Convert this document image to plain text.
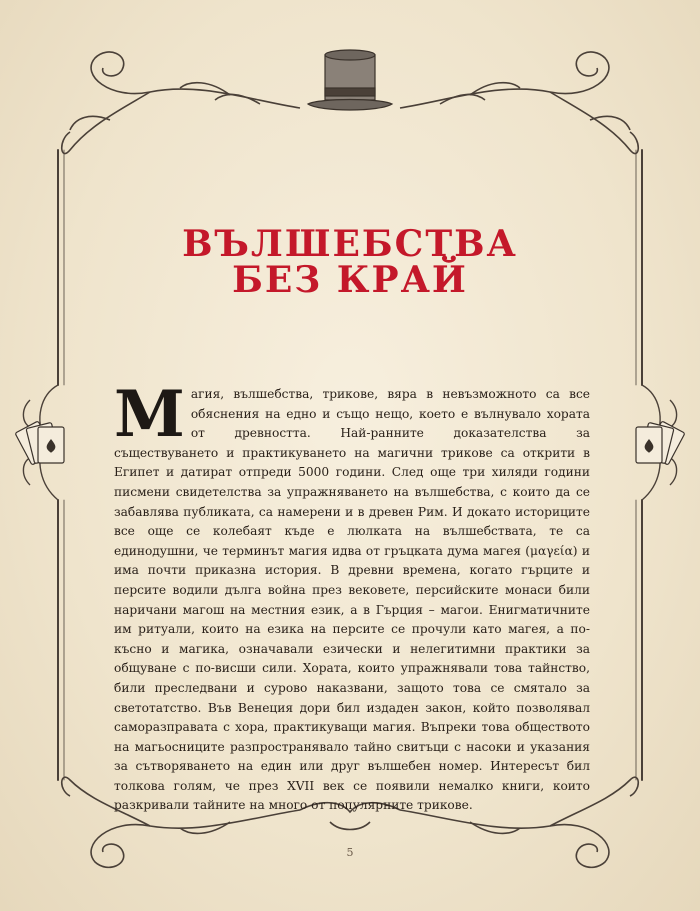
ВЪЛШЕБСТВА
БЕЗ КРАЙ
Магия, вълшебства, трикове, вяра в невъзможното са все обяснения на едно и също нещо, което е вълнувало хората от древността. Най-ранните доказателства за съществуването и практикуването на магични трикове са открити в Египет и датират отпреди 5000 години. След още три хиляди години писмени свидетелства за упражняването на вълшебства, с които да се забавлява публиката, са намерени и в древен Рим. И докато историците все още се колебаят къде е люлката на вълшебствата, те са единодушни, че терминът магия идва от гръцката дума магея (μαγεία) и има почти приказна история. В древни времена, когато гърците и персите водили дълга война през вековете, персийските монаси били наричани магош на местния език, а в Гърция – магои. Енигматичните им ритуали, които на езика на персите се прочули като магея, а по-късно и магика, означавали езически и нелегитимни практики за общуване с по-висши сили. Хората, които упражнявали това тайнство, били преследвани и сурово наказвани, защото това се смятало за светотатство. Във Венеция дори бил издаден закон, който позволявал саморазправата с хора, практикуващи магия. Въпреки това обществото на магьосниците разпространявало тайно свитъци с насоки и указания за сътворяването на един или друг вълшебен номер. Интересът бил толкова голям, че през XVII век се появили немалко книги, които разкривали тайните на много от популярните трикове.
5
